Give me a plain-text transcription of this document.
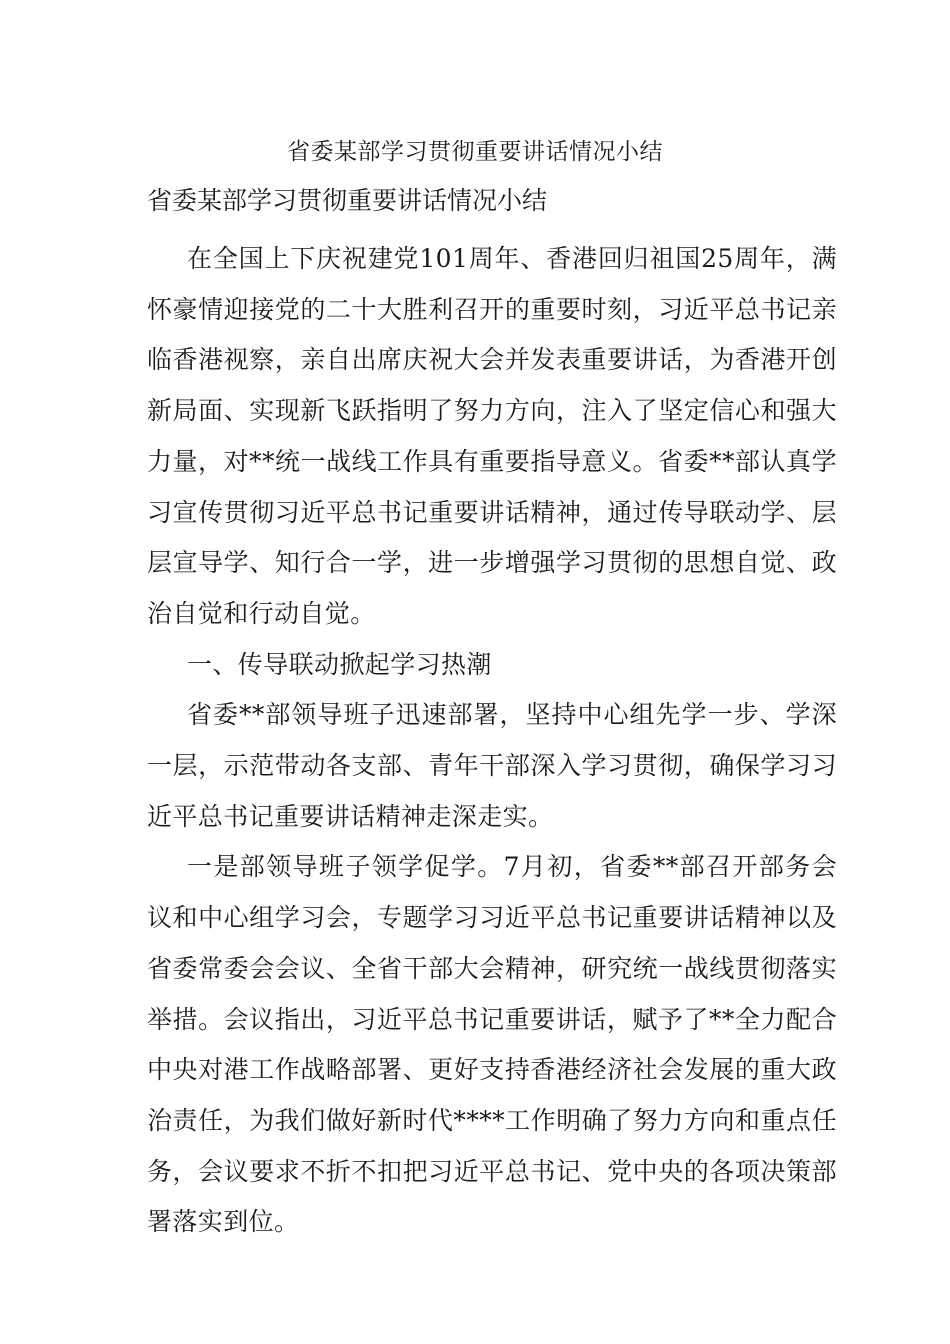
省委某部学习贯彻重要讲话情况小结
省委某部学习贯彻重要讲话情况小结

在全国上下庆祝建党101周年、香港回归祖国25周年，满怀豪情迎接党的二十大胜利召开的重要时刻，习近平总书记亲临香港视察，亲自出席庆祝大会并发表重要讲话，为香港开创新局面、实现新飞跃指明了努力方向，注入了坚定信心和强大力量，对**统一战线工作具有重要指导意义。省委**部认真学习宣传贯彻习近平总书记重要讲话精神，通过传导联动学、层层宣导学、知行合一学，进一步增强学习贯彻的思想自觉、政治自觉和行动自觉。

一、传导联动掀起学习热潮

省委**部领导班子迅速部署，坚持中心组先学一步、学深一层，示范带动各支部、青年干部深入学习贯彻，确保学习习近平总书记重要讲话精神走深走实。

一是部领导班子领学促学。7月初，省委**部召开部务会议和中心组学习会，专题学习习近平总书记重要讲话精神以及省委常委会会议、全省干部大会精神，研究统一战线贯彻落实举措。会议指出，习近平总书记重要讲话，赋予了**全力配合中央对港工作战略部署、更好支持香港经济社会发展的重大政治责任，为我们做好新时代****工作明确了努力方向和重点任务，会议要求不折不扣把习近平总书记、党中央的各项决策部署落实到位。
